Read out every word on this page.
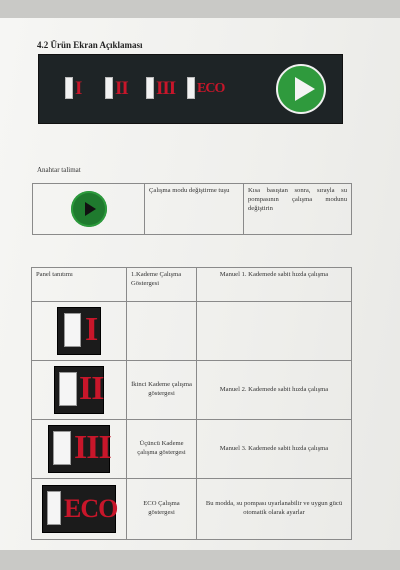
4.2 Ürün Ekran Açıklaması
I II III ECO
Anahtar talimat
	Çalışma modu değiştirme tuşu	Kısa basıştan sonra, sırayla su pompasının çalışma modunu değiştirin
Panel tanıtımı	1.Kademe Çalışma Göstergesi	Manuel 1. Kademede sabit hızda çalışma

I		

II	İkinci Kademe çalışma göstergesi	Manuel 2. Kademede sabit hızda çalışma

III	Üçüncü Kademe çalışma göstergesi	Manuel 3. Kademede sabit hızda çalışma

ECO	ECO Çalışma göstergesi	Bu modda, su pompası uyarlanabilir ve uygun gücü otomatik olarak ayarlar
